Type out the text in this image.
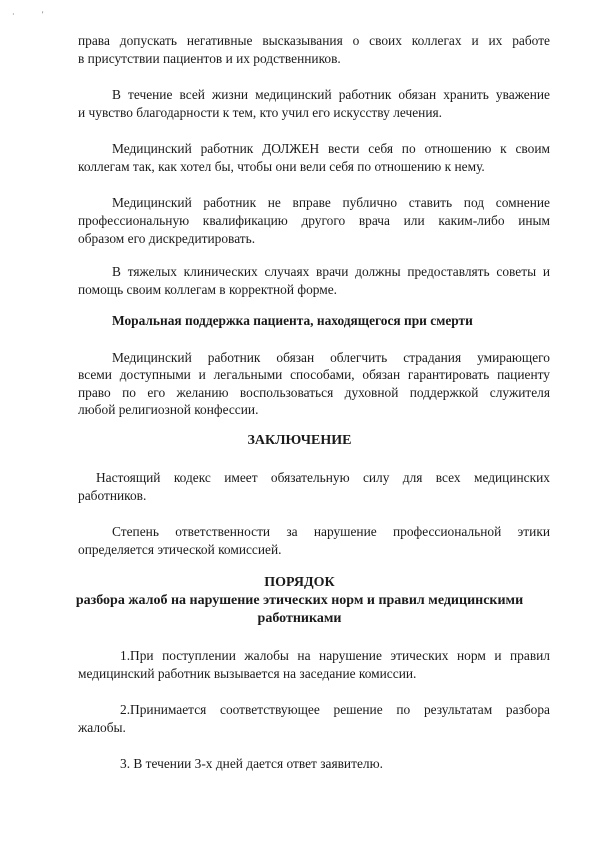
·	'
права допускать негативные высказывания о своих коллегах и их работе
в присутствии пациентов и их родственников.
В течение всей жизни медицинский работник обязан хранить уважение
и чувство благодарности к тем, кто учил его искусству лечения.
Медицинский работник ДОЛЖЕН вести себя по отношению к своим
коллегам так, как хотел бы, чтобы они вели себя по отношению к нему.
Медицинский работник не вправе публично ставить под сомнение
профессиональную квалификацию другого врача или каким-либо иным
образом его дискредитировать.
В тяжелых клинических случаях врачи должны предоставлять советы и
помощь своим коллегам в корректной форме.
Моральная поддержка пациента, находящегося при смерти
Медицинский работник обязан облегчить страдания умирающего
всеми доступными и легальными способами, обязан гарантировать пациенту
право по его желанию воспользоваться духовной поддержкой служителя
любой религиозной конфессии.
ЗАКЛЮЧЕНИЕ
Настоящий кодекс имеет обязательную силу для всех медицинских
работников.
Степень ответственности за нарушение профессиональной этики
определяется этической комиссией.
ПОРЯДОК
разбора жалоб на нарушение этических норм и правил медицинскими
работниками
1.При поступлении жалобы на нарушение этических норм и правил
медицинский работник вызывается на заседание комиссии.
2.Принимается соответствующее решение по результатам разбора
жалобы.
3. В течении 3-х дней дается ответ заявителю.
